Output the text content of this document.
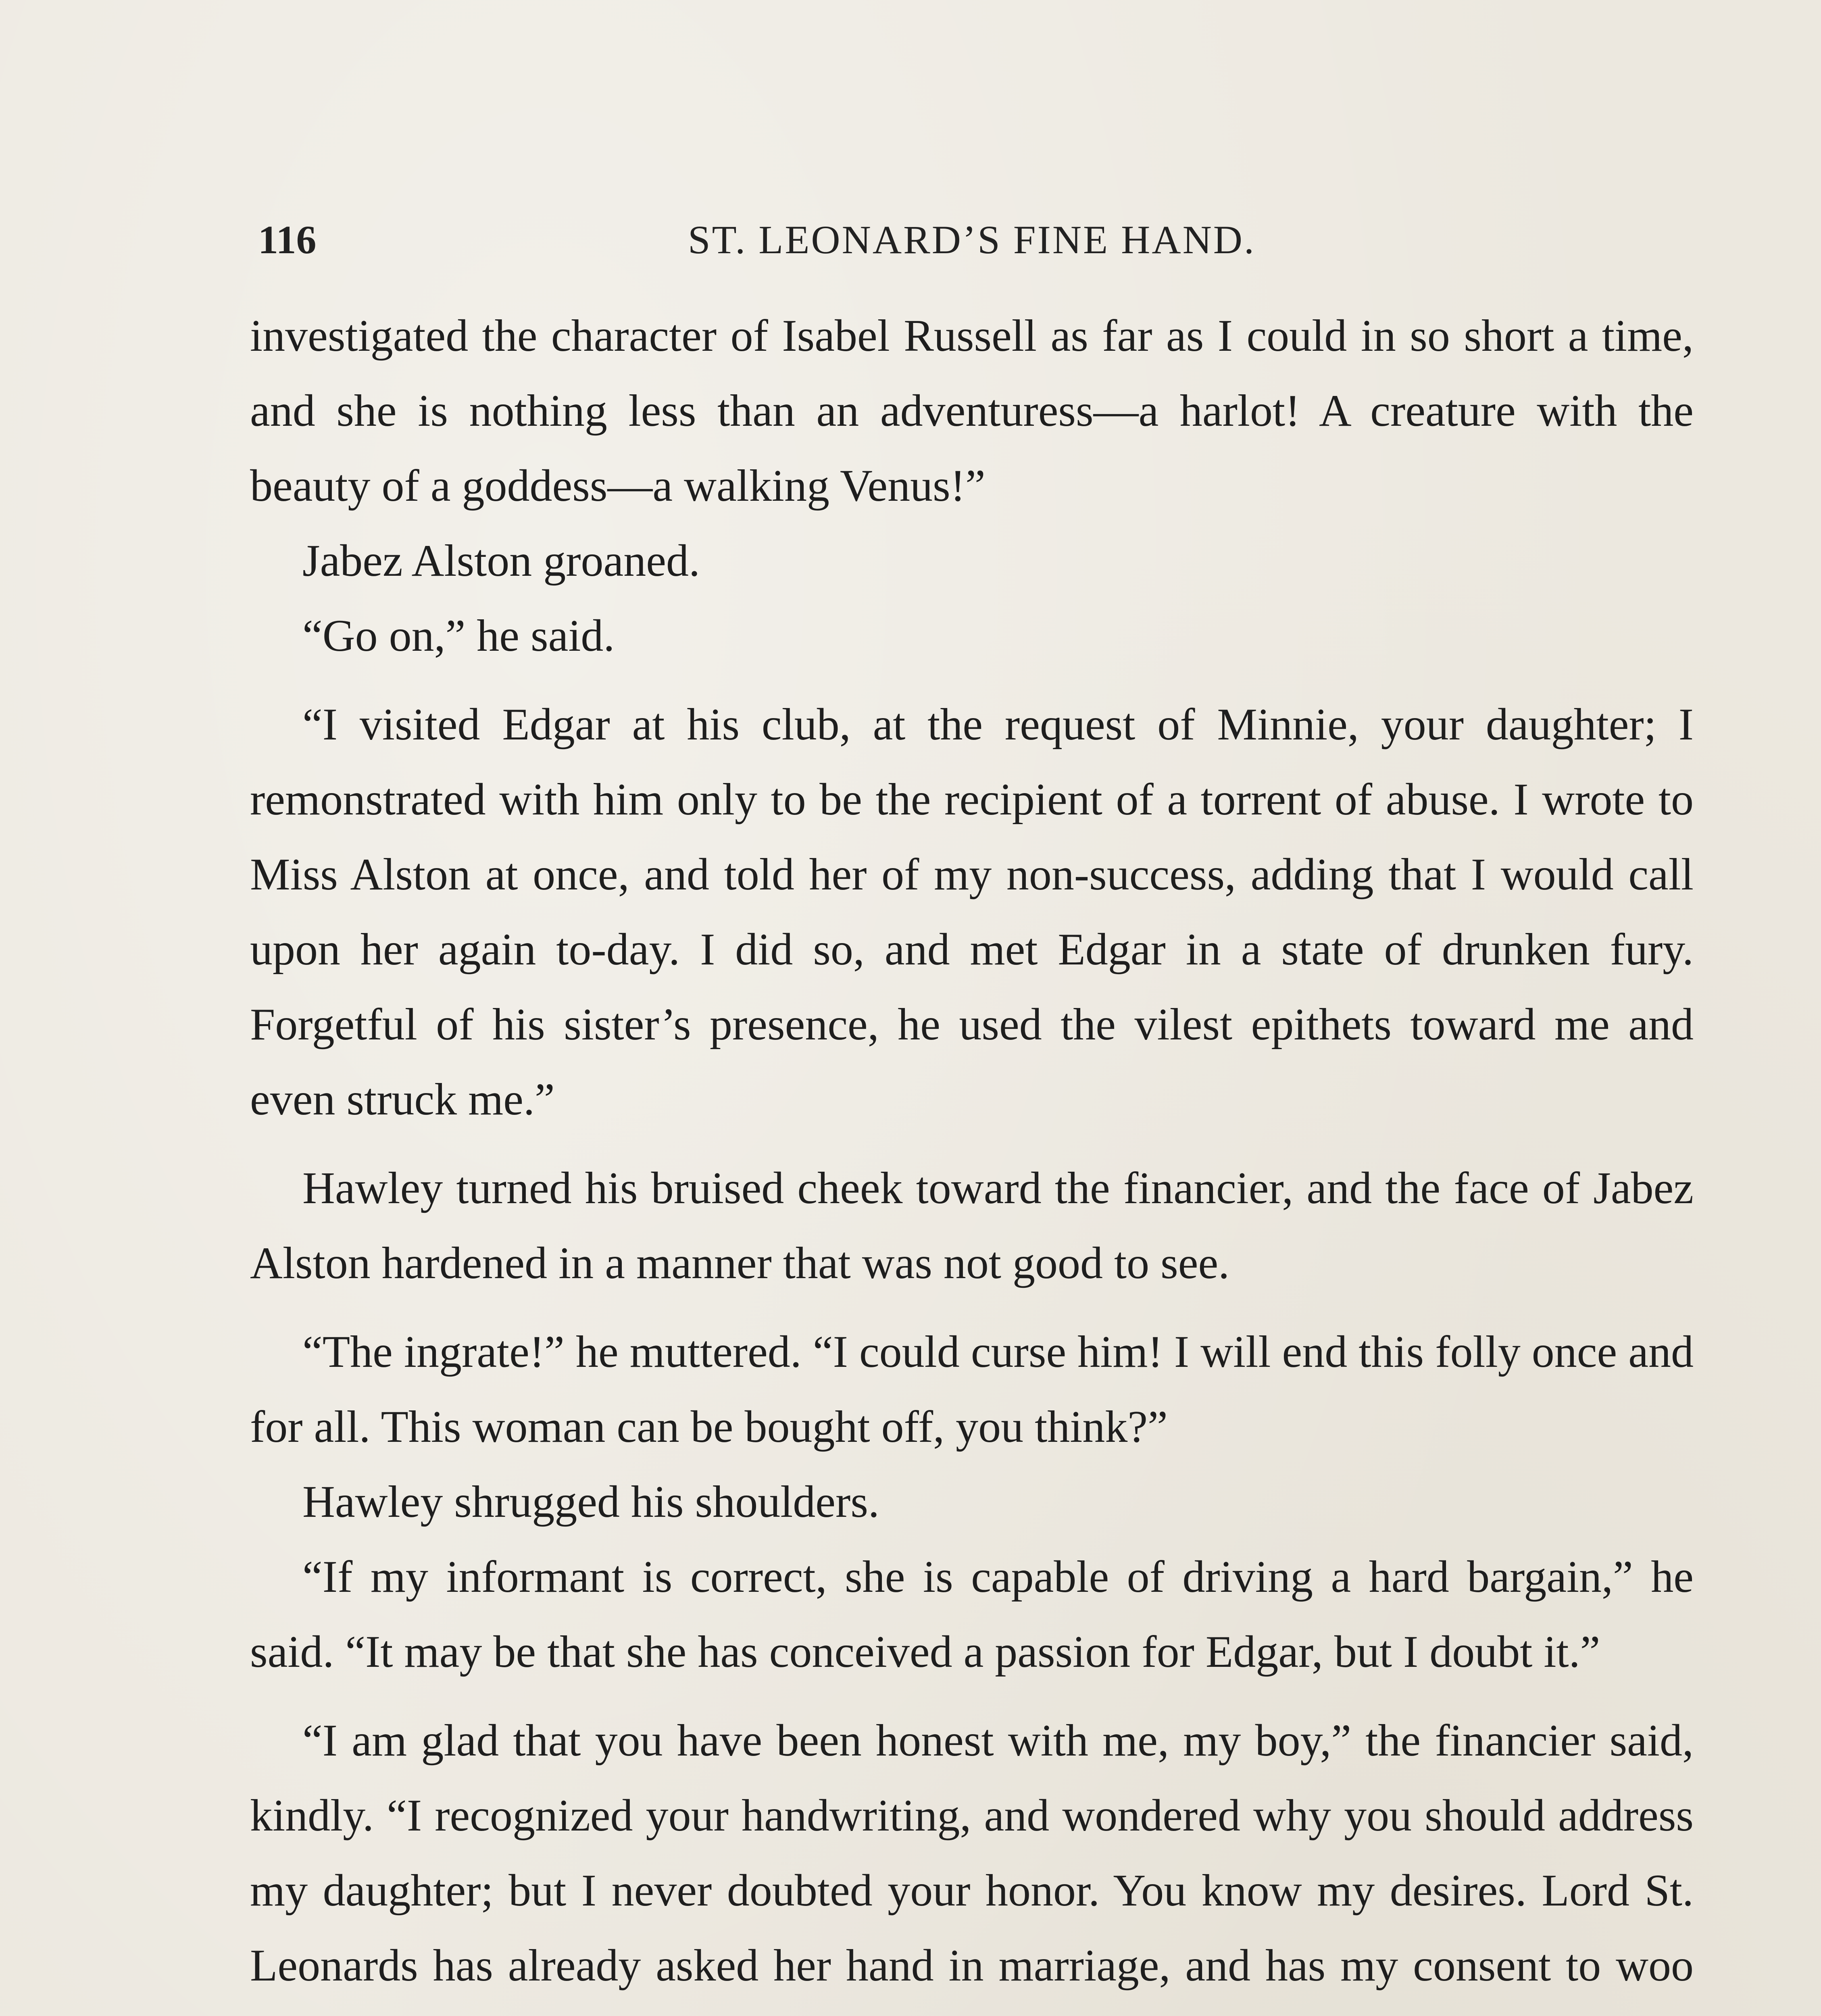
116	ST. LEONARD’S FINE HAND.

investigated the character of Isabel Russell as far as I could in so short a time, and she is nothing less than an adventuress—a harlot! A creature with the beauty of a goddess—a walking Venus!”

Jabez Alston groaned.

“Go on,” he said.

“I visited Edgar at his club, at the request of Minnie, your daughter; I remonstrated with him only to be the recipient of a torrent of abuse. I wrote to Miss Alston at once, and told her of my non-success, adding that I would call upon her again to-day. I did so, and met Edgar in a state of drunken fury. Forgetful of his sister’s presence, he used the vilest epithets toward me and even struck me.”

Hawley turned his bruised cheek toward the financier, and the face of Jabez Alston hardened in a manner that was not good to see.

“The ingrate!” he muttered. “I could curse him! I will end this folly once and for all. This woman can be bought off, you think?”

Hawley shrugged his shoulders.

“If my informant is correct, she is capable of driving a hard bargain,” he said. “It may be that she has conceived a passion for Edgar, but I doubt it.”

“I am glad that you have been honest with me, my boy,” the financier said, kindly. “I recognized your handwriting, and wondered why you should address my daughter; but I never doubted your honor. You know my desires. Lord St. Leonards has already asked her hand in marriage, and has my consent to woo
